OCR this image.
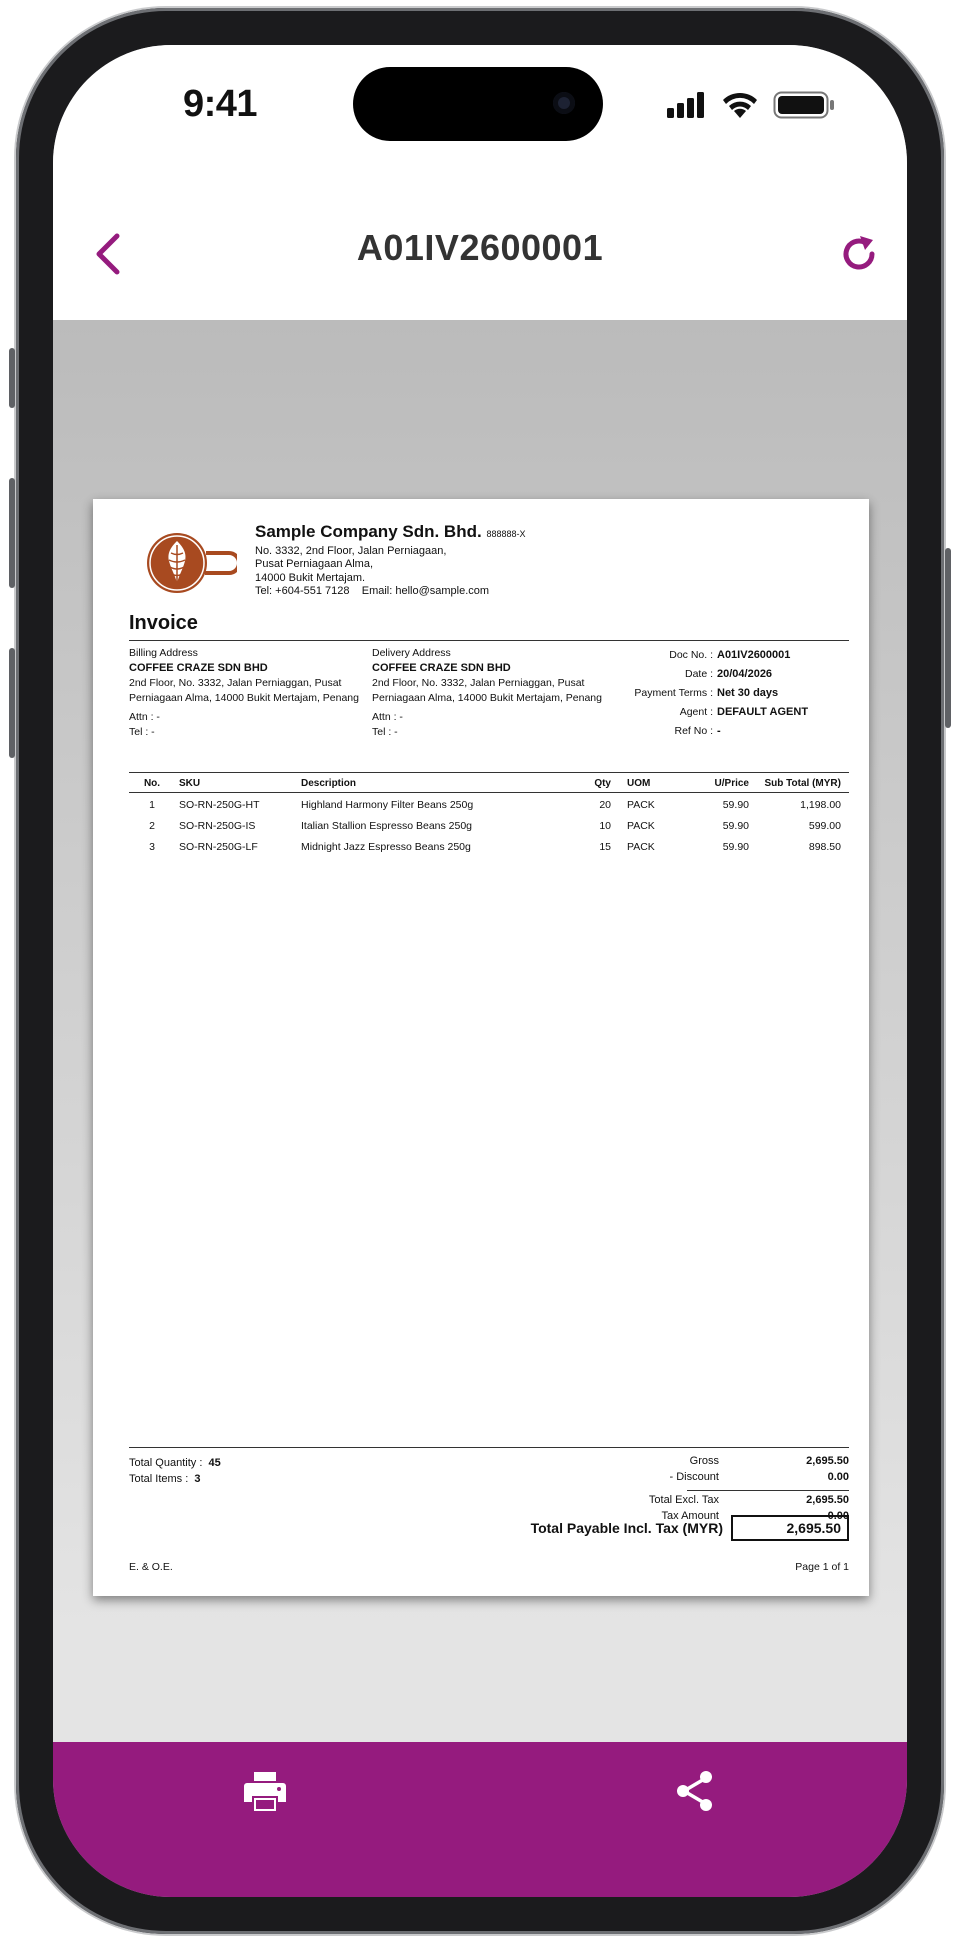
9:41
A01IV2600001
Sample Company Sdn. Bhd. 888888-X
No. 3332, 2nd Floor, Jalan Perniagaan,
Pusat Perniagaan Alma,
14000 Bukit Mertajam.
Tel: +604-551 7128 Email: hello@sample.com
Invoice
Billing Address
COFFEE CRAZE SDN BHD
2nd Floor, No. 3332, Jalan Perniaggan, Pusat Perniagaan Alma, 14000 Bukit Mertajam, Penang
Attn : -
Tel : -
Delivery Address
COFFEE CRAZE SDN BHD
2nd Floor, No. 3332, Jalan Perniaggan, Pusat Perniagaan Alma, 14000 Bukit Mertajam, Penang
Attn : -
Tel : -
Doc No. : A01IV2600001
Date : 20/04/2026
Payment Terms : Net 30 days
Agent : DEFAULT AGENT
Ref No : -
No.	SKU	Description	Qty	UOM	U/Price	Sub Total (MYR)
1	SO-RN-250G-HT	Highland Harmony Filter Beans 250g	20	PACK	59.90	1,198.00
2	SO-RN-250G-IS	Italian Stallion Espresso Beans 250g	10	PACK	59.90	599.00
3	SO-RN-250G-LF	Midnight Jazz Espresso Beans 250g	15	PACK	59.90	898.50
Total Quantity : 45
Total Items : 3
Gross	2,695.50
- Discount	0.00
Total Excl. Tax	2,695.50
Tax Amount	0.00
Total Payable Incl. Tax (MYR)	2,695.50
E. & O.E.	Page 1 of 1
